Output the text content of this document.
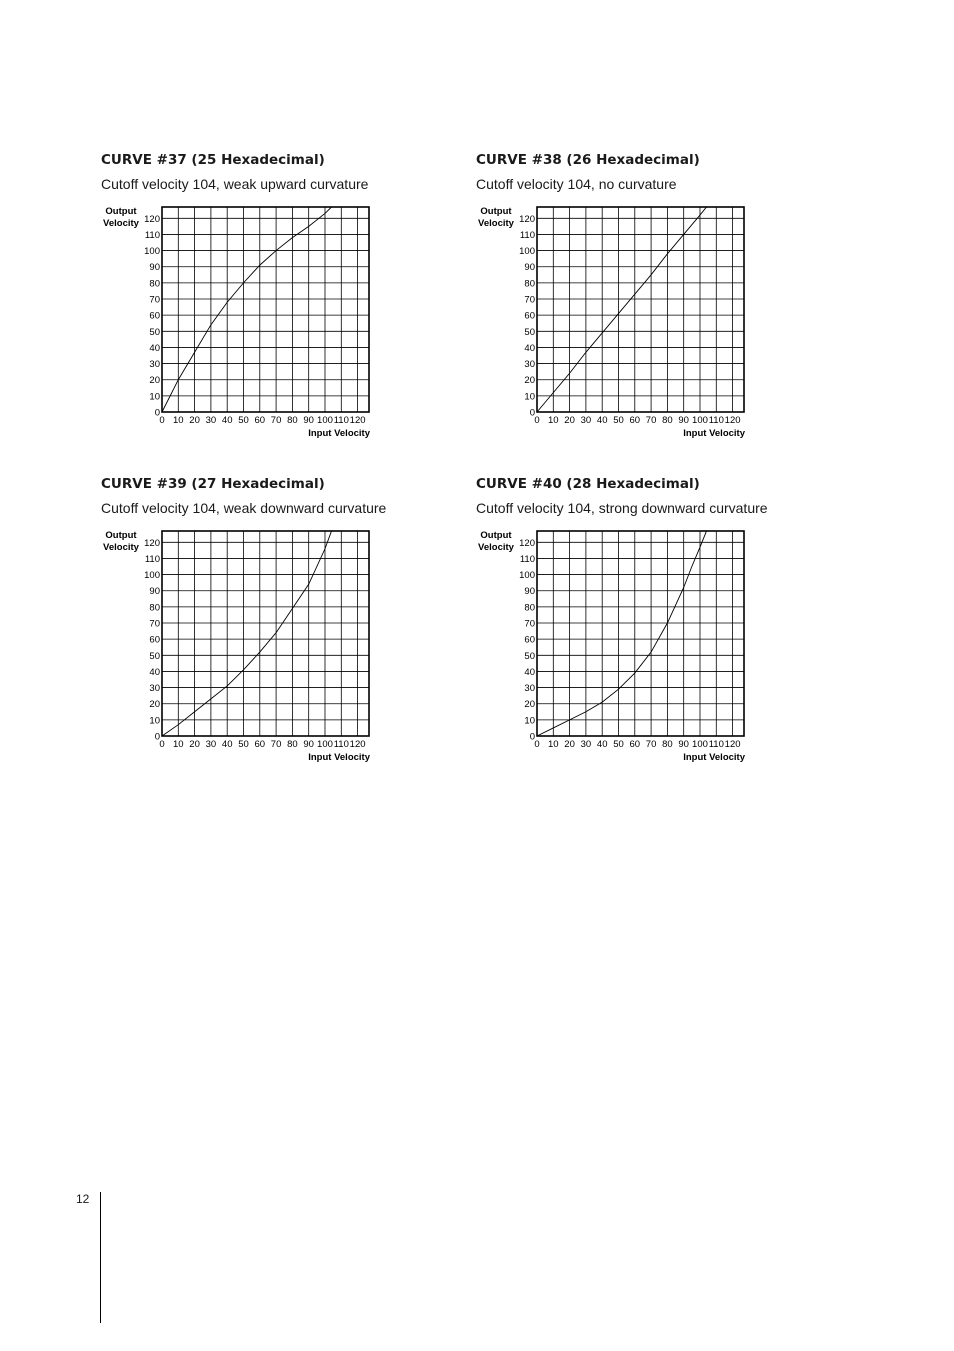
CURVE #37 (25 Hexadecimal)
Cutoff velocity 104, weak upward curvature
0
10
20
30
40
50
60
70
80
90
100
110
120
0 10 20 30 40 50 60 70 80 90 100 110 120
Output
Velocity
Input Velocity
CURVE #38 (26 Hexadecimal)
Cutoff velocity 104, no curvature
0
10
20
30
40
50
60
70
80
90
100
110
120
0 10 20 30 40 50 60 70 80 90 100 110 120
Output
Velocity
Input Velocity
CURVE #39 (27 Hexadecimal)
Cutoff velocity 104, weak downward curvature
0
10
20
30
40
50
60
70
80
90
100
110
120
0 10 20 30 40 50 60 70 80 90 100 110 120
Output
Velocity
Input Velocity
CURVE #40 (28 Hexadecimal)
Cutoff velocity 104, strong downward curvature
0
10
20
30
40
50
60
70
80
90
100
110
120
0 10 20 30 40 50 60 70 80 90 100 110 120
Output
Velocity
Input Velocity
12
